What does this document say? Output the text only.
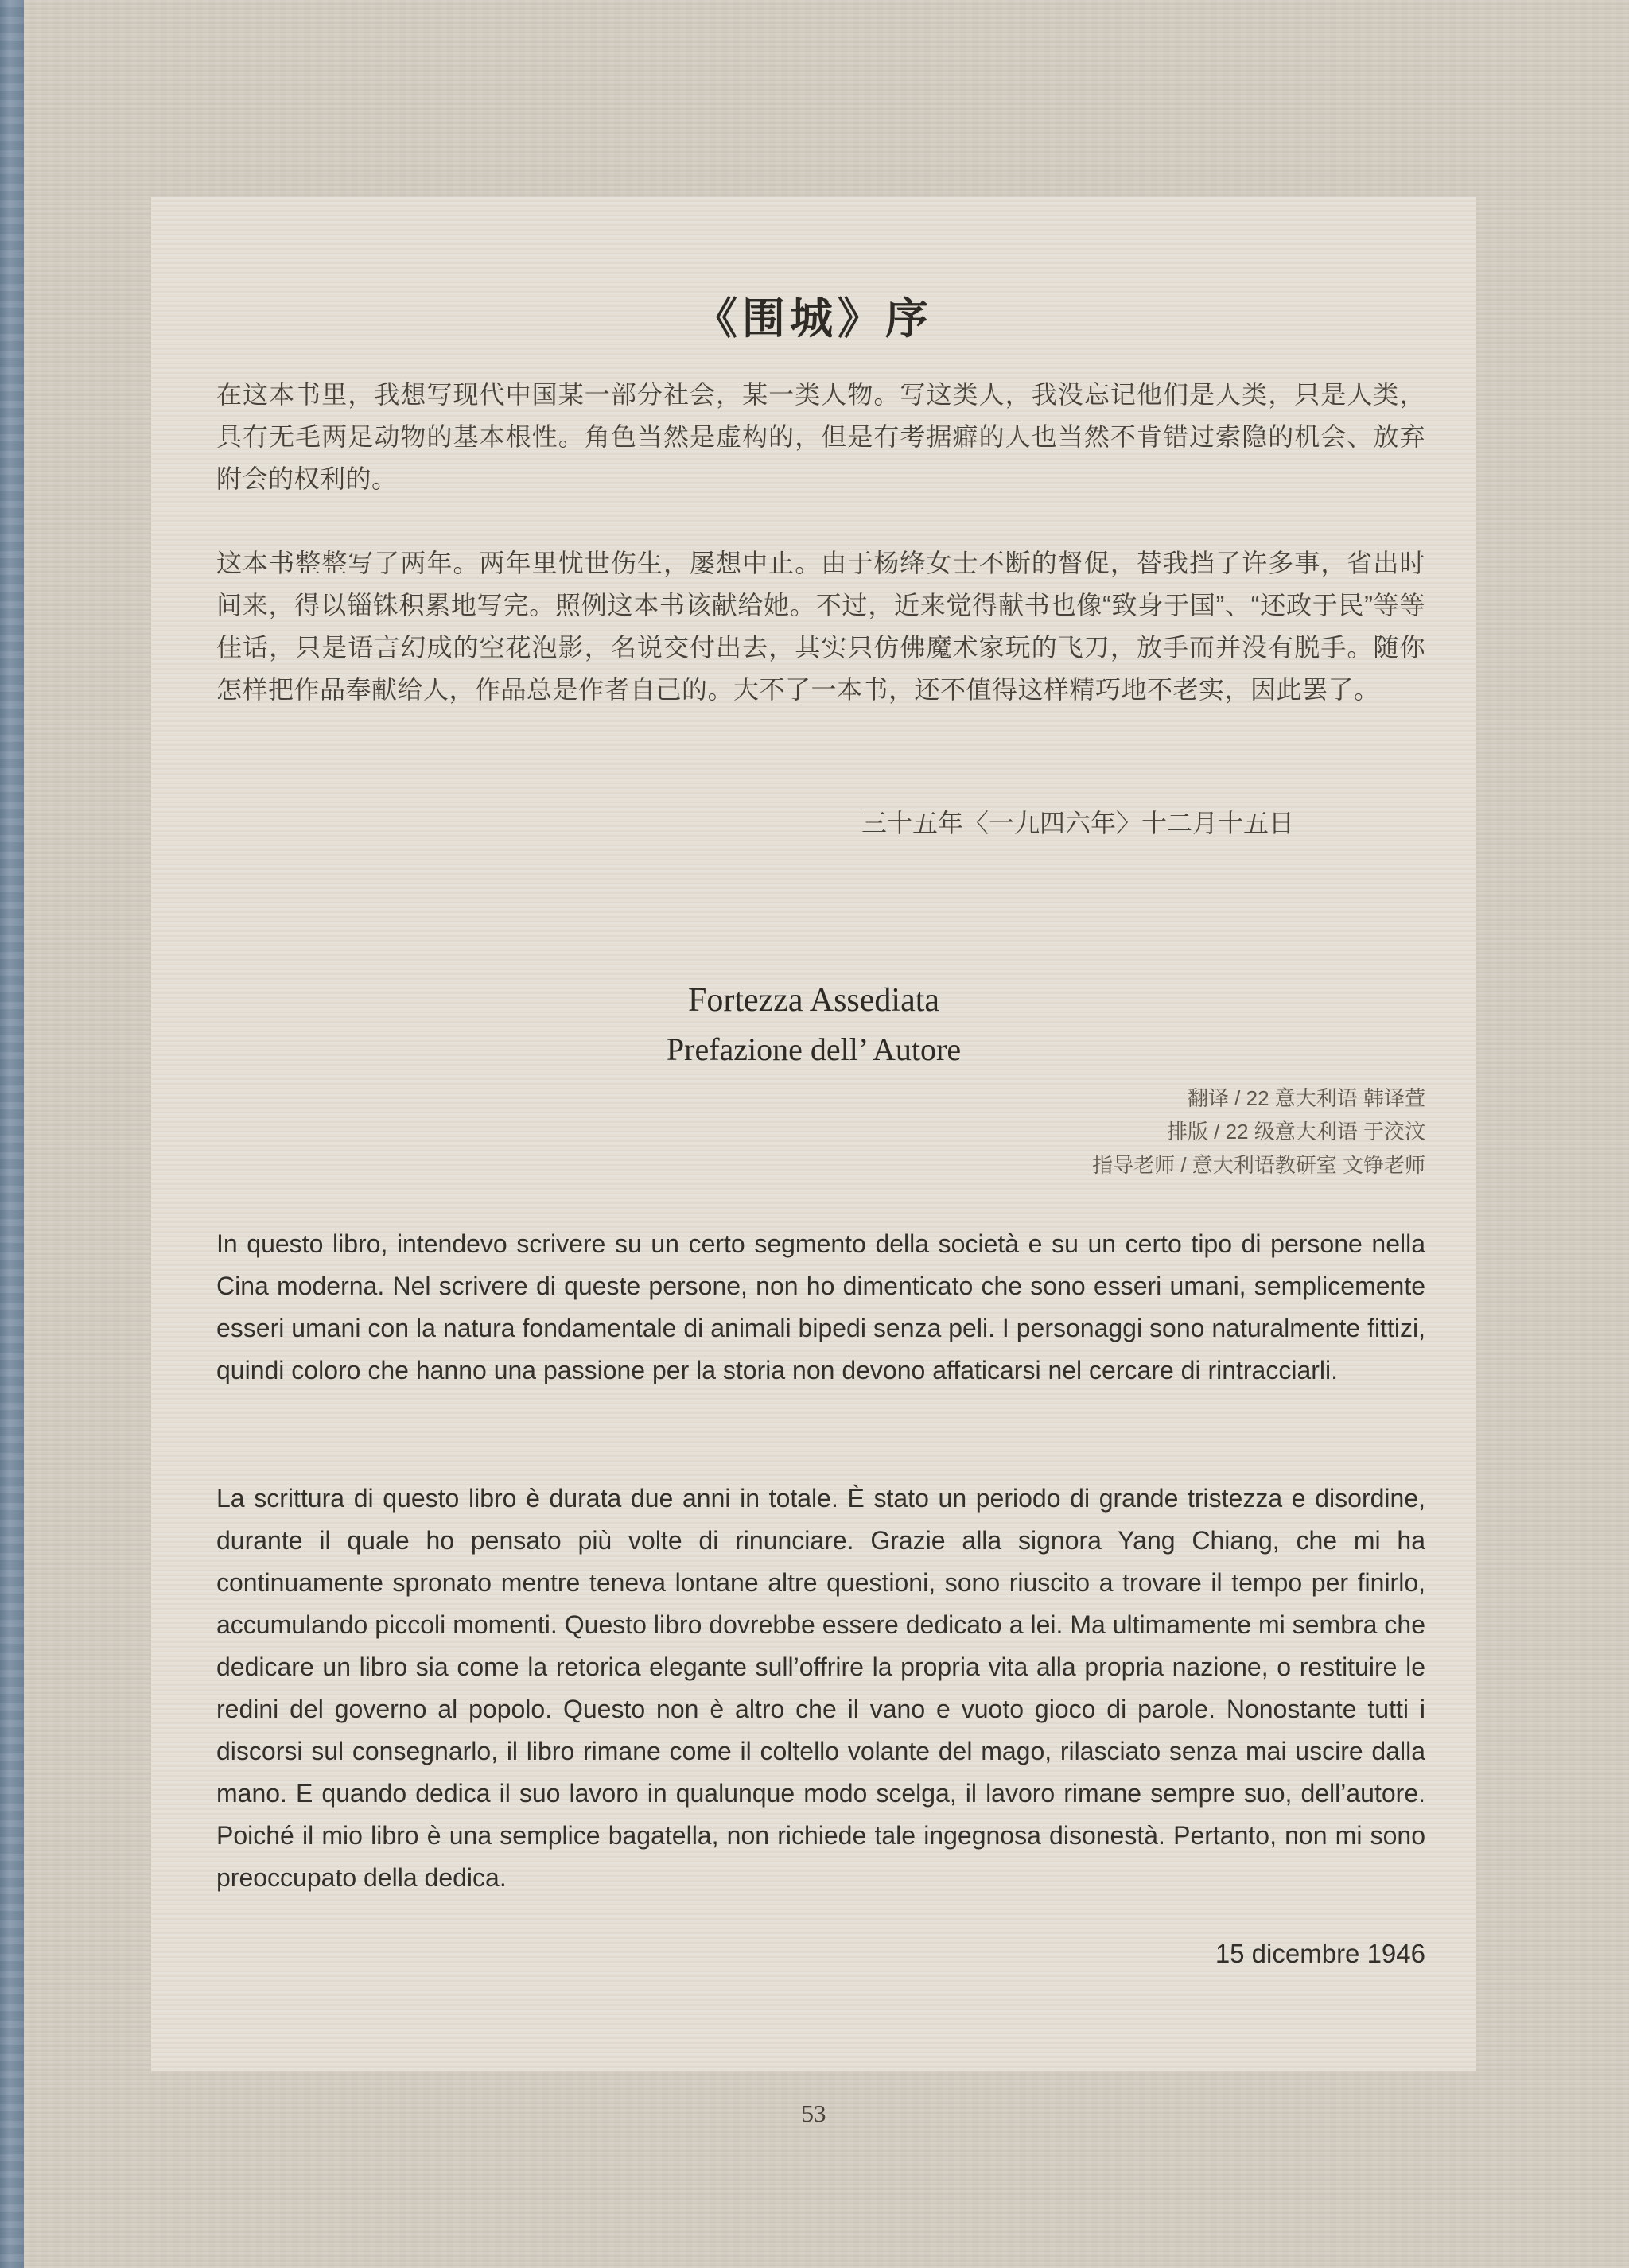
《围城》序
在这本书里，我想写现代中国某一部分社会，某一类人物。写这类人，我没忘记他们是人类，只是人类，具有无毛两足动物的基本根性。角色当然是虚构的，但是有考据癖的人也当然不肯错过索隐的机会、放弃附会的权利的。
这本书整整写了两年。两年里忧世伤生，屡想中止。由于杨绛女士不断的督促，替我挡了许多事，省出时间来，得以锱铢积累地写完。照例这本书该献给她。不过，近来觉得献书也像“致身于国”、“还政于民”等等佳话，只是语言幻成的空花泡影，名说交付出去，其实只仿佛魔术家玩的飞刀，放手而并没有脱手。随你怎样把作品奉献给人，作品总是作者自己的。大不了一本书，还不值得这样精巧地不老实，因此罢了。
三十五年〈一九四六年〉十二月十五日
Fortezza Assediata
Prefazione dell’ Autore
翻译 / 22 意大利语 韩译萱
排版 / 22 级意大利语 于洨汶
指导老师 / 意大利语教研室 文铮老师
In questo libro, intendevo scrivere su un certo segmento della società e su un certo tipo di persone nella Cina moderna. Nel scrivere di queste persone, non ho dimenticato che sono esseri umani, semplicemente esseri umani con la natura fondamentale di animali bipedi senza peli. I personaggi sono naturalmente fittizi, quindi coloro che hanno una passione per la storia non devono affaticarsi nel cercare di rintracciarli.
La scrittura di questo libro è durata due anni in totale. È stato un periodo di grande tristezza e disordine, durante il quale ho pensato più volte di rinunciare. Grazie alla signora Yang Chiang, che mi ha continuamente spronato mentre teneva lontane altre questioni, sono riuscito a trovare il tempo per finirlo, accumulando piccoli momenti. Questo libro dovrebbe essere dedicato a lei. Ma ultimamente mi sembra che dedicare un libro sia come la retorica elegante sull’offrire la propria vita alla propria nazione, o restituire le redini del governo al popolo. Questo non è altro che il vano e vuoto gioco di parole. Nonostante tutti i discorsi sul consegnarlo, il libro rimane come il coltello volante del mago, rilasciato senza mai uscire dalla mano. E quando dedica il suo lavoro in qualunque modo scelga, il lavoro rimane sempre suo, dell’autore. Poiché il mio libro è una semplice bagatella, non richiede tale ingegnosa disonestà. Pertanto, non mi sono preoccupato della dedica.
15 dicembre 1946
53
